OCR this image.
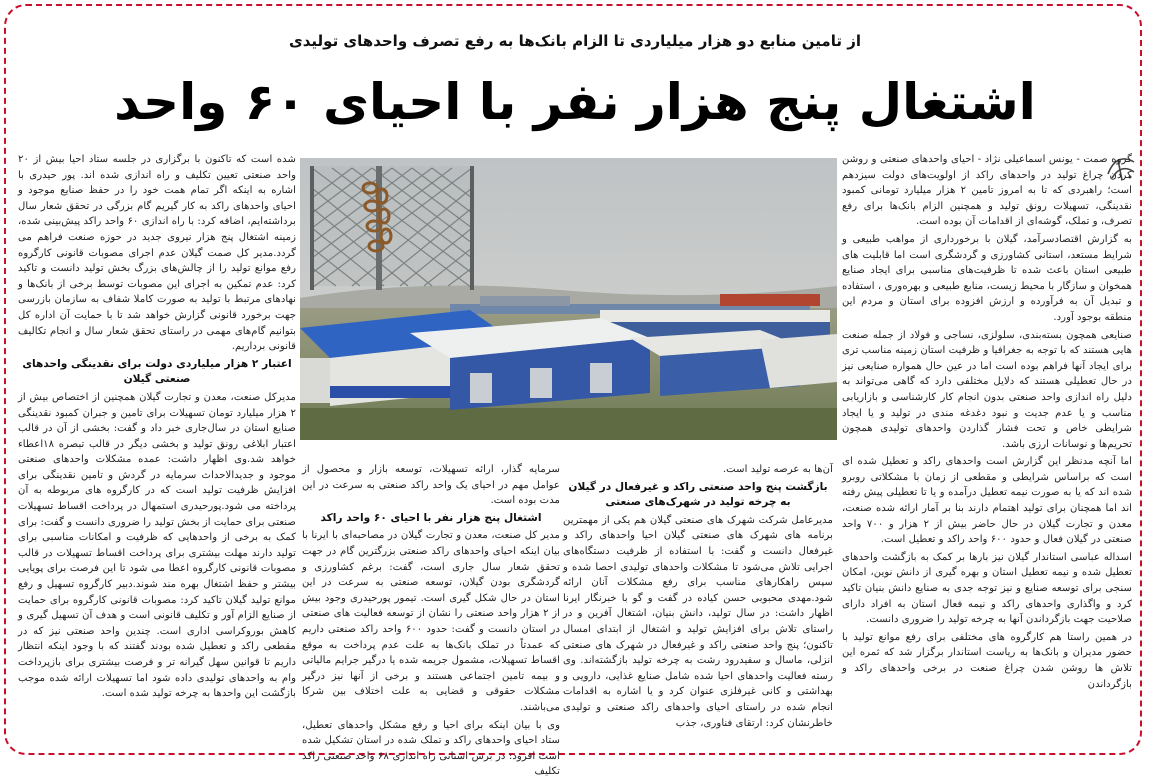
از تامین منابع دو هزار میلیاردی تا الزام بانک‌ها به رفع تصرف واحدهای تولیدی
اشتغال پنج هزار نفر با احیای ۶۰ واحد

گروه صمت - یونس اسماعیلی نژاد - احیای واحدهای صنعتی و روشن کردن چراغ تولید در واحدهای راکد از اولویت‌های دولت سیزدهم است؛ راهبردی که تا به امروز تامین ۲ هزار میلیارد تومانی کمبود نقدینگی، تسهیلات رونق تولید و همچنین الزام بانک‌ها برای رفع تصرف، و تملک، گوشه‌ای از اقدامات آن بوده است.

به گزارش اقتصادسرآمد، گیلان با برخورداری از مواهب طبیعی و شرایط مستعد، استانی کشاورزی و گردشگری است اما قابلیت های طبیعی استان باعث شده تا ظرفیت‌های مناسبی برای ایجاد صنایع همخوان و سازگار با محیط زیست، منابع طبیعی و بهره‌وری ، استفاده و تبدیل آن به فرآورده و ارزش افزوده برای استان و مردم این منطقه بوجود آورد.

صنایعی همچون بسته‌بندی، سلولزی، نساجی و فولاد از جمله صنعت هایی هستند که با توجه به جغرافیا و ظرفیت استان زمینه مناسب تری برای ایجاد آنها فراهم بوده است اما در عین حال همواره صنایعی نیز در حال تعطیلی هستند که دلایل مختلفی دارد که گاهی می‌تواند به دلیل راه اندازی واحد صنعتی بدون انجام کار کارشناسی و بازاریابی مناسب و یا عدم جدیت و نبود دغدغه مندی در تولید و یا ایجاد شرایطی خاص و تحت فشار گذاردن واحدهای تولیدی همچون تحریم‌ها و نوسانات ارزی باشد.

اما آنچه مدنظر این گزارش است واحدهای راکد و تعطیل شده ای است که براساس شرایطی و مقطعی از زمان با مشکلاتی روبرو شده اند که یا به صورت نیمه تعطیل درآمده و یا تا تعطیلی پیش رفته اند اما همچنان برای تولید اهتمام دارند بنا بر آمار ارائه شده صنعت، معدن و تجارت گیلان در حال حاضر بیش از ۲ هزار و ۷۰۰ واحد صنعتی در گیلان فعال و حدود ۶۰۰ واحد راکد و تعطیل است.

اسداله عباسی استاندار گیلان نیز بارها بر کمک به بازگشت واحدهای تعطیل شده و نیمه تعطیل استان و بهره گیری از دانش نوین، امکان سنجی برای توسعه صنایع و نیز توجه جدی به صنایع دانش بنیان تاکید کرد و واگذاری واحدهای راکد و نیمه فعال استان به افراد دارای صلاحیت جهت بازگرداندن آنها به چرخه تولید را ضروری دانست.

در همین راستا هم کارگروه های مختلفی برای رفع موانع تولید با حضور مدیران و بانک‌ها به ریاست استاندار برگزار شد که ثمره این تلاش ها روشن شدن چراغ صنعت در برخی واحدهای راکد و بازگرداندن

آن‌ها به عرصه تولید است.

بازگشت پنج واحد صنعتی راکد و غیرفعال در گیلان به چرخه تولید در شهرک‌های صنعتی

مدیرعامل شرکت شهرک های صنعتی گیلان هم یکی از مهمترین برنامه های شهرک های صنعتی گیلان احیا واحدهای راکد و غیرفعال دانست و گفت: با استفاده از ظرفیت دستگاه‌های اجرایی تلاش می‌شود تا مشکلات واحدهای تولیدی احصا شده و سپس راهکارهای مناسب برای رفع مشکلات آنان ارائه شود.مهدی محبوبی حسن کیاده در گفت و گو با خبرنگار ایرنا اظهار داشت: در سال تولید، دانش بنیان، اشتغال آفرین و در راستای تلاش برای افزایش تولید و اشتغال از ابتدای امسال تاکنون؛ پنج واحد صنعتی راکد و غیرفعال در شهرک های صنعتی انزلی، ماسال و سفیدرود رشت به چرخه تولید بازگشته‌اند. وی رسته فعالیت واحدهای احیا شده شامل صنایع غذایی، دارویی و بهداشتی و کانی غیرفلزی عنوان کرد و یا اشاره به اقدامات انجام شده در راستای احیای واحدهای راکد صنعتی و تولیدی خاطرنشان کرد: ارتقای فناوری، جذب

سرمایه گذار، ارائه تسهیلات، توسعه بازار و محصول از عوامل مهم در احیای یک واحد راکد صنعتی به سرعت در این مدت بوده است.

اشتغال پنج هزار نفر با احیای ۶۰ واحد راکد

مدیر کل صنعت، معدن و تجارت گیلان در مصاحبه‌ای با ایرنا با بیان اینکه احیای واحدهای راکد صنعتی بزرگترین گام در جهت تحقق شعار سال جاری است، گفت: برغم کشاورزی و گردشگری بودن گیلان، توسعه صنعتی به سرعت در این استان در حال شکل گیری است. تیمور پورحیدری وجود بیش از ۲ هزار واحد صنعتی را نشان از توسعه فعالیت های صنعتی در استان دانست و گفت: حدود ۶۰۰ واحد راکد صنعتی داریم که عمدتاً در تملک بانک‌ها به علت عدم پرداخت به موقع اقساط تسهیلات، مشمول جریمه شده یا درگیر جرایم مالیاتی و بیمه تامین اجتماعی هستند و برخی از آنها نیز درگیر مشکلات حقوقی و قضایی به علت اختلاف بین شرکا می‌باشند.

وی با بیان اینکه برای احیا و رفع مشکل واحدهای تعطیل، ستاد احیای واحدهای راکد و تملک شده در استان تشکیل شده است افزود: در برش استانی راه اندازی ۶۸ واحد صنعتی راکد تکلیف

شده است که تاکنون با برگزاری در جلسه ستاد احیا بیش از ۲۰ واحد صنعتی تعیین تکلیف و راه اندازی شده اند. پور حیدری با اشاره به اینکه اگر تمام همت خود را در حفظ صنایع موجود و احیای واحدهای راکد به کار گیریم گام بزرگی در تحقق شعار سال برداشته‌ایم، اضافه کرد: با راه اندازی ۶۰ واحد راکد پیش‌بینی شده، زمینه اشتغال پنج هزار نیروی جدید در حوزه صنعت فراهم می گردد.مدیر کل صمت گیلان عدم اجرای مصوبات قانونی کارگروه رفع موانع تولید را از چالش‌های بزرگ بخش تولید دانست و تاکید کرد: عدم تمکین به اجرای این مصوبات توسط برخی از بانک‌ها و نهادهای مرتبط با تولید به صورت کاملا شفاف به سازمان بازرسی جهت برخورد قانونی گزارش خواهد شد تا با حمایت آن اداره کل بتوانیم گام‌های مهمی در راستای تحقق شعار سال و انجام تکالیف قانونی برداریم.

اعتبار ۲ هزار میلیاردی دولت برای نقدینگی واحدهای صنعتی گیلان

مدیرکل صنعت، معدن و تجارت گیلان همچنین از اختصاص بیش از ۲ هزار میلیارد تومان تسهیلات برای تامین و جبران کمبود نقدینگی صنایع استان در سال‌جاری خبر داد و گفت: بخشی از آن در قالب اعتبار ابلاغی رونق تولید و بخشی دیگر در قالب تبصره ۱۸اعطاء خواهد شد.وی اظهار داشت: عمده مشکلات واحدهای صنعتی موجود و جدیدالاحداث سرمایه در گردش و تامین نقدینگی برای افزایش ظرفیت تولید است که در کارگروه های مربوطه به آن پرداخته می شود.پورحیدری استمهال در پرداخت اقساط تسهیلات صنعتی برای حمایت از بخش تولید را ضروری دانست و گفت: برای کمک به برخی از واحدهایی که ظرفیت و امکانات مناسبی برای تولید دارند مهلت بیشتری برای پرداخت اقساط تسهیلات در قالب مصوبات قانونی کارگروه اعطا می شود تا این فرصت برای پویایی بیشتر و حفظ اشتغال بهره مند شوند.دبیر کارگروه تسهیل و رفع موانع تولید گیلان تاکید کرد: مصوبات قانونی کارگروه برای حمایت از صنایع الزام آور و تکلیف قانونی است و هدف آن تسهیل گیری و کاهش بوروکراسی اداری است. چندین واحد صنعتی نیز که در مقطعی راکد و تعطیل شده بودند گفتند که با وجود اینکه انتظار داریم تا قوانین سهل گیرانه تر و فرصت بیشتری برای بازپرداخت وام به واحدهای تولیدی داده شود اما تسهیلات ارائه شده موجب بازگشت این واحدها به چرخه تولید شده است.
